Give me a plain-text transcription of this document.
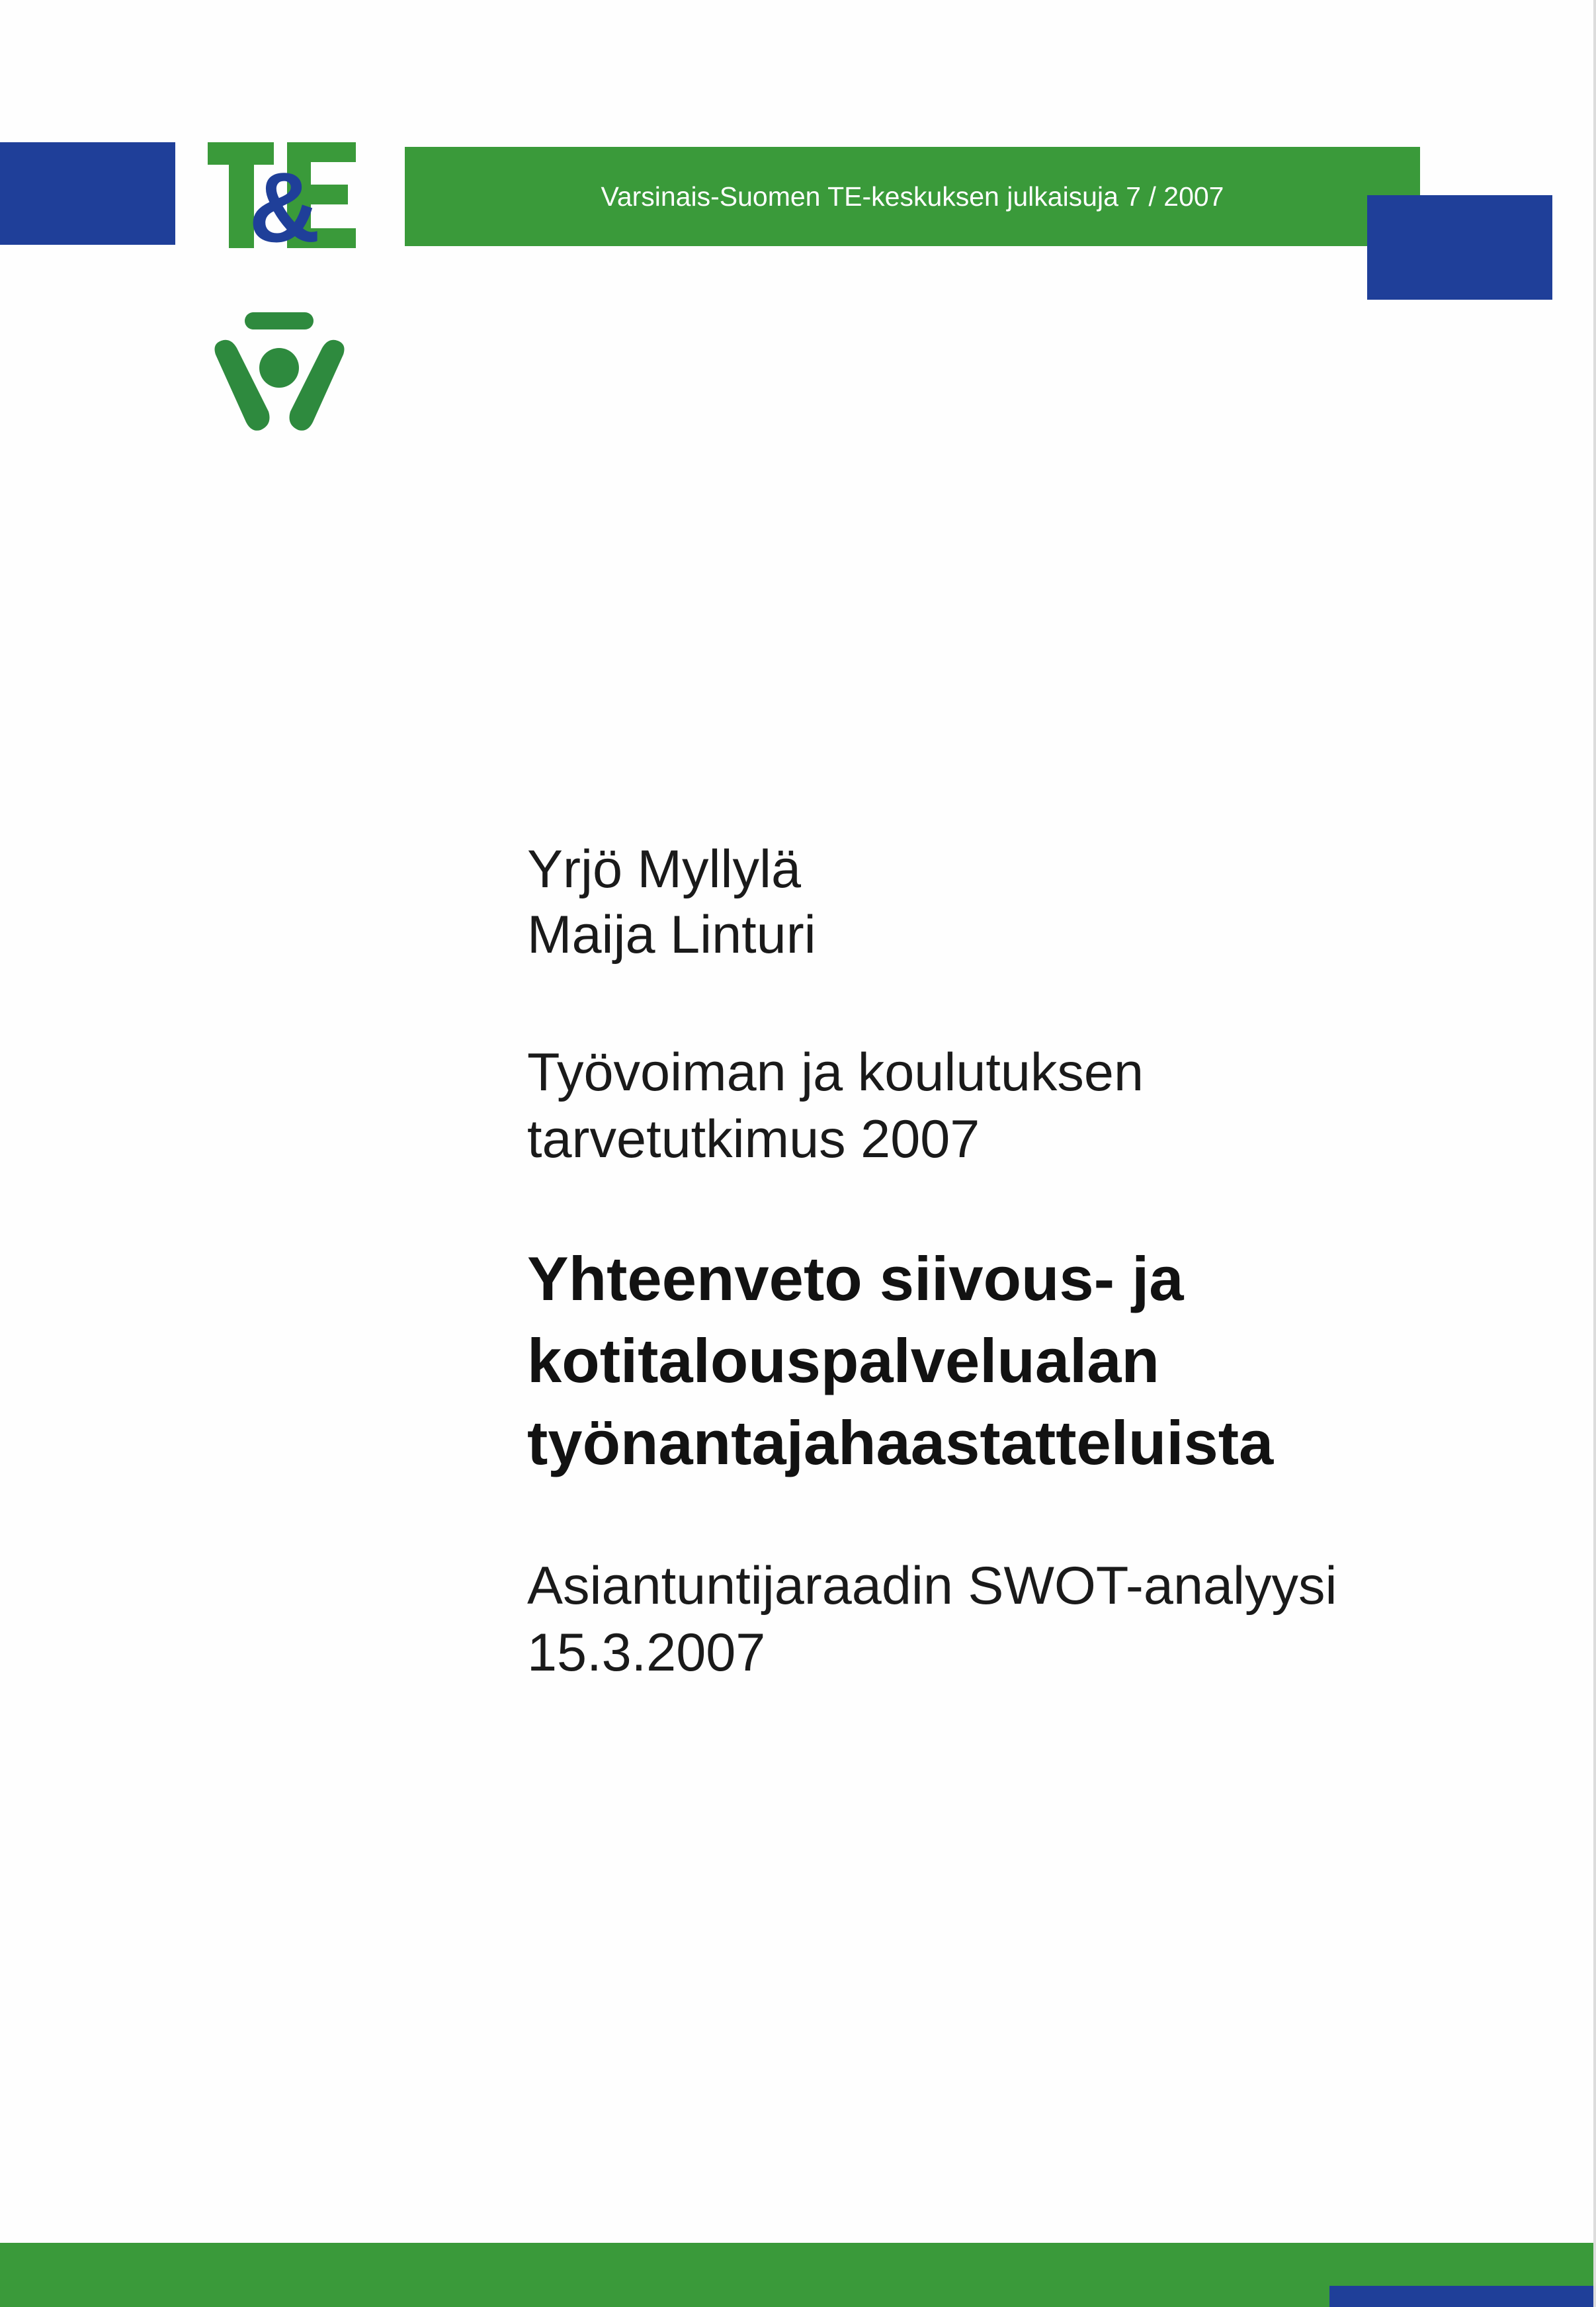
Varsinais-Suomen TE-keskuksen julkaisuja 7 / 2007
&

Yrjö Myllylä

Maija Linturi

Työvoiman ja koulutuksen

tarvetutkimus 2007

Yhteenveto siivous- ja

kotitalouspalvelualan

työnantajahaastatteluista

Asiantuntijaraadin SWOT-analyysi

15.3.2007
